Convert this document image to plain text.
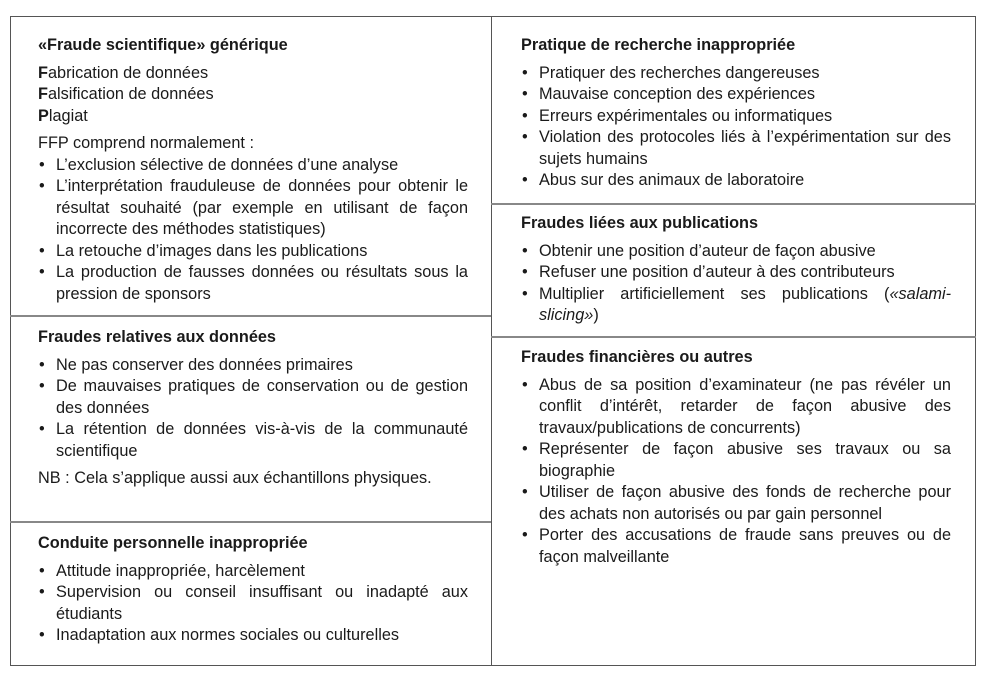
«Fraude scientifique» générique

Fabrication de données

Falsification de données

Plagiat

FFP comprend normalement :

• L’exclusion sélective de données d’une analyse
• L’interprétation frauduleuse de données pour obtenir le résultat souhaité (par exemple en utilisant de façon incorrecte des méthodes statistiques)
• La retouche d’images dans les publications
• La production de fausses données ou résultats sous la pression de sponsors
Fraudes relatives aux données
• Ne pas conserver des données primaires
• De mauvaises pratiques de conservation ou de gestion des données
• La rétention de données vis-à-vis de la communauté scientifique

NB : Cela s’applique aussi aux échantillons physiques.

Conduite personnelle inappropriée
• Attitude inappropriée, harcèlement
• Supervision ou conseil insuffisant ou inadapté aux étudiants
• Inadaptation aux normes sociales ou culturelles
Pratique de recherche inappropriée
• Pratiquer des recherches dangereuses
• Mauvaise conception des expériences
• Erreurs expérimentales ou informatiques
• Violation des protocoles liés à l’expérimentation sur des sujets humains
• Abus sur des animaux de laboratoire
Fraudes liées aux publications
• Obtenir une position d’auteur de façon abusive
• Refuser une position d’auteur à des contributeurs
• Multiplier artificiellement ses publications («salami-slicing»)
Fraudes financières ou autres
• Abus de sa position d’examinateur (ne pas révéler un conflit d’intérêt, retarder de façon abusive des travaux/publications de concurrents)
• Représenter de façon abusive ses travaux ou sa biographie
• Utiliser de façon abusive des fonds de recherche pour des achats non autorisés ou par gain personnel
• Porter des accusations de fraude sans preuves ou de façon malveillante
